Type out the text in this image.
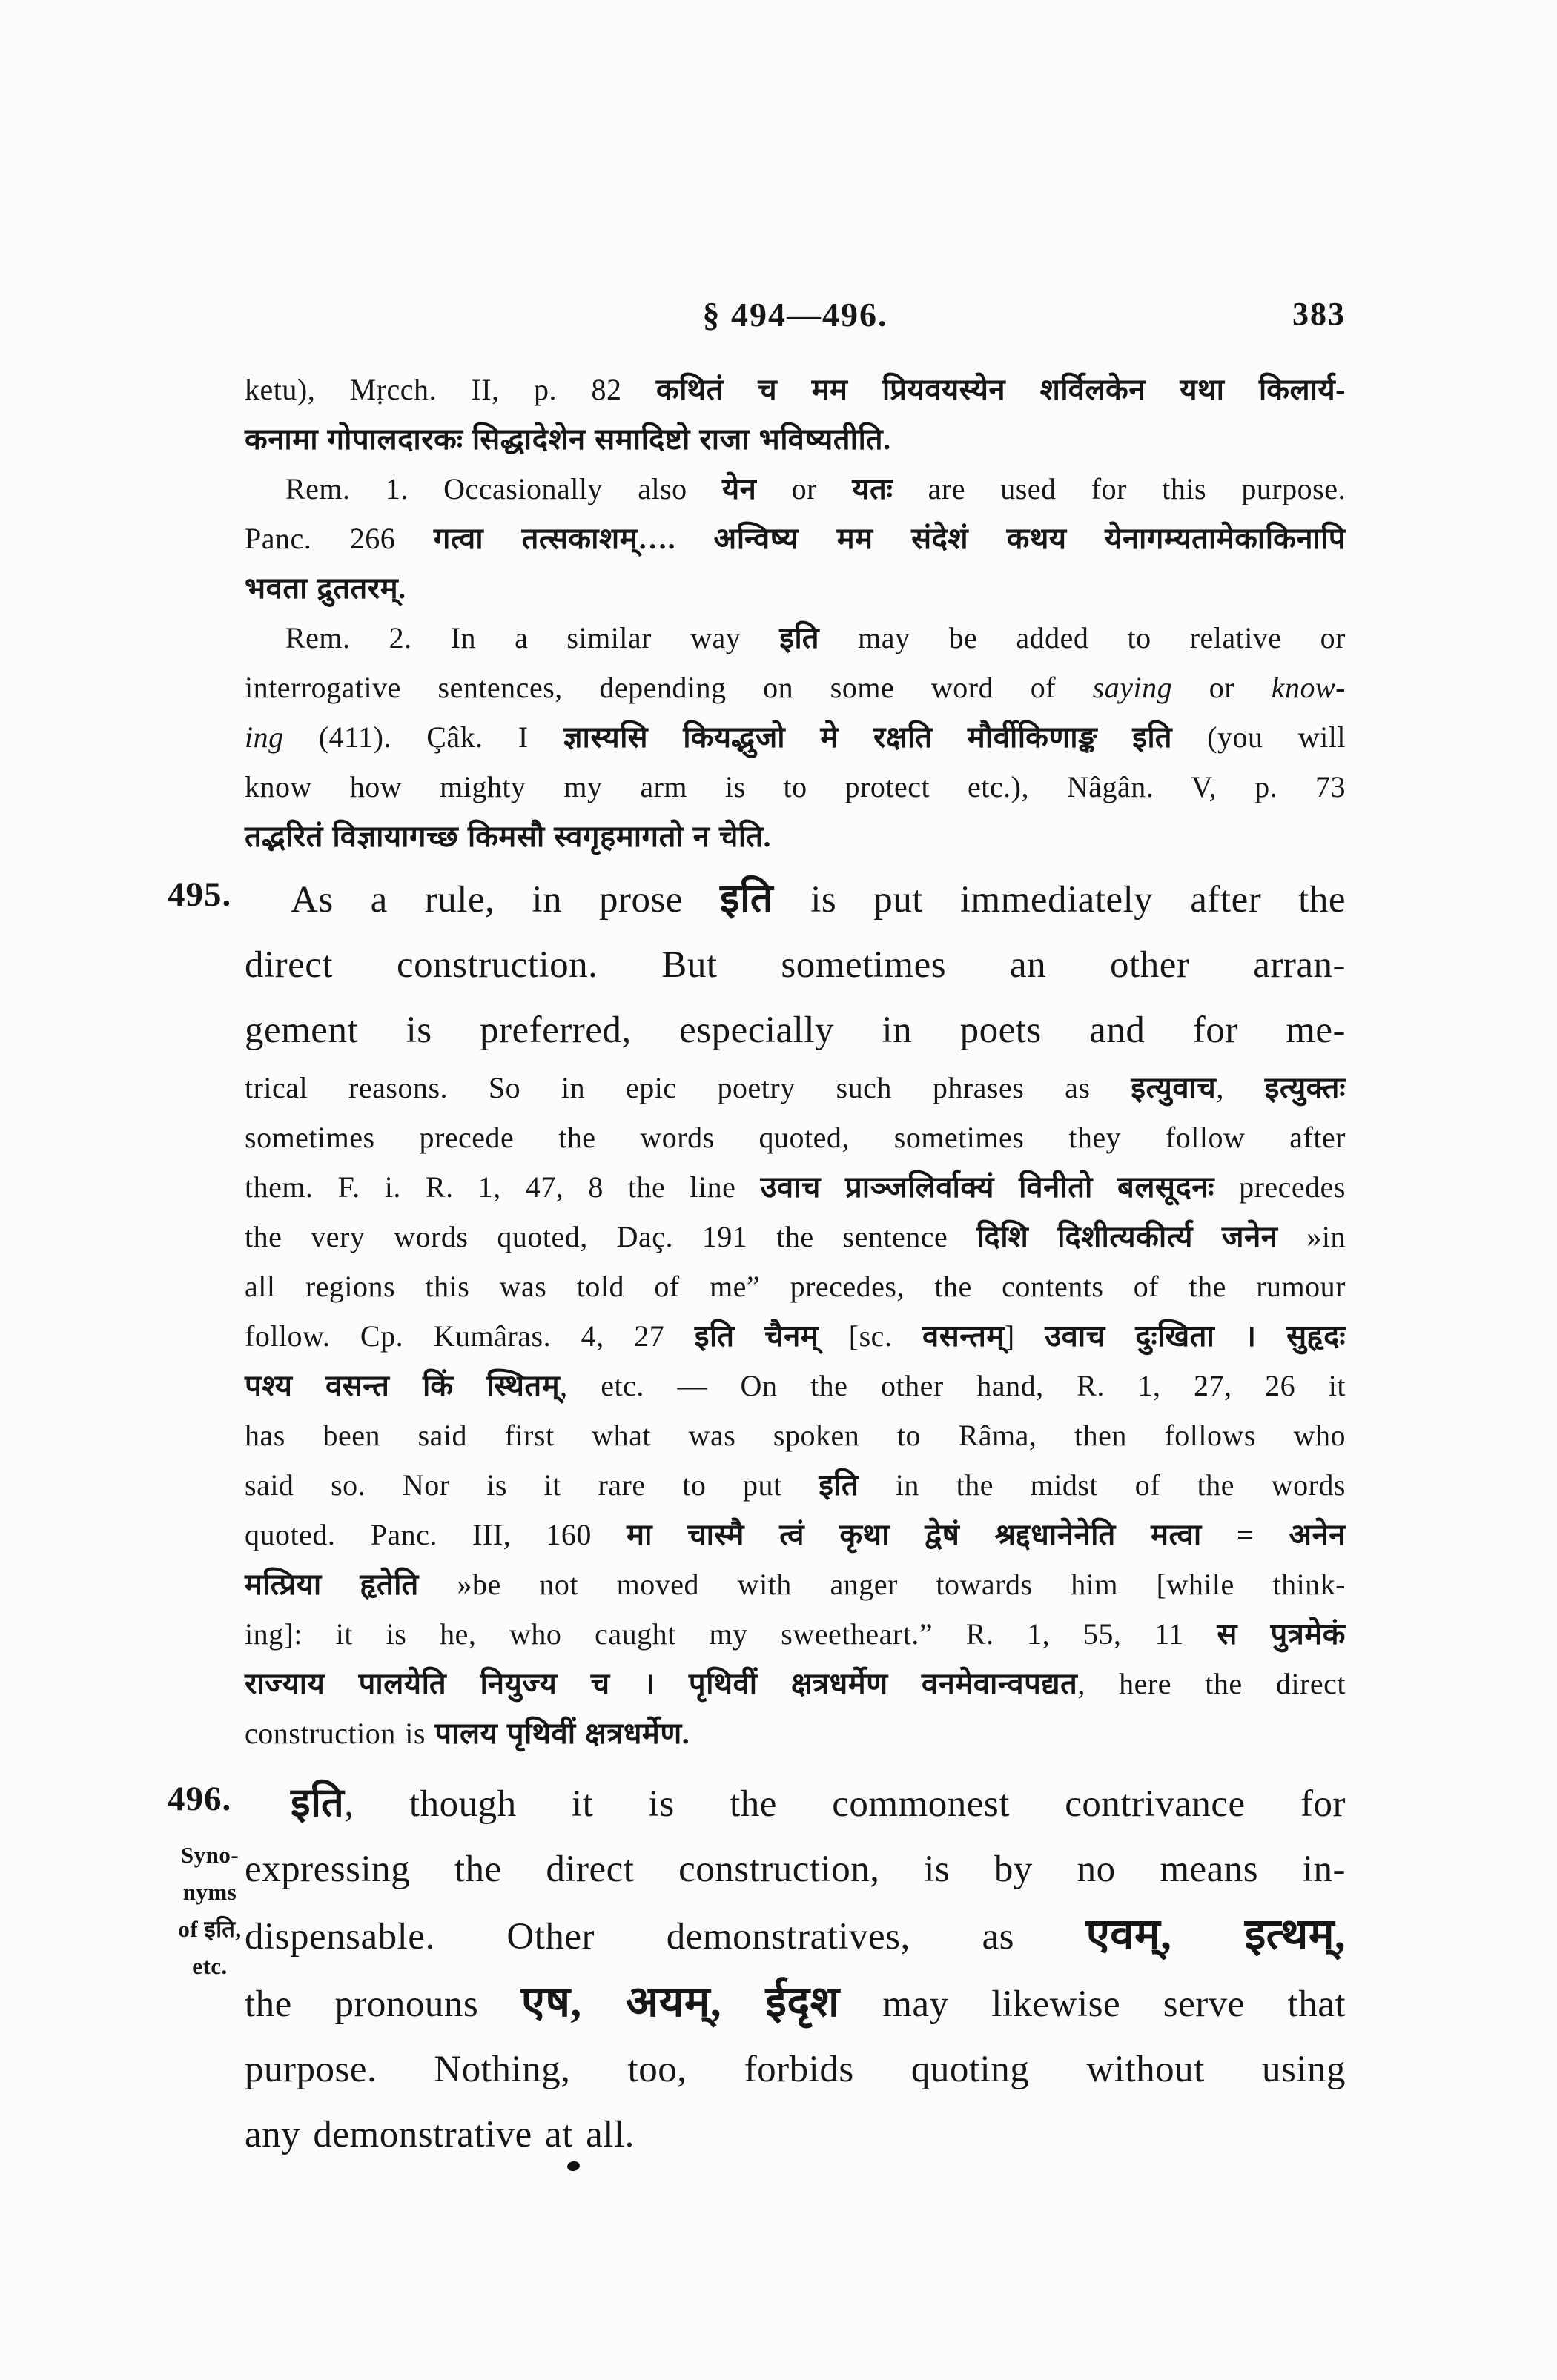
§ 494—496.	383
495.
496.
Syno-
nyms
of इति,
etc.
ketu), Mṛcch. II, p. 82 कथितं च मम प्रियवयस्येन शर्विलकेन यथा किलार्य-
कनामा गोपालदारकः सिद्धादेशेन समादिष्टो राजा भविष्यतीति.
Rem. 1. Occasionally also येन or यतः are used for this purpose.
Panc. 266 गत्वा तत्सकाशम्…. अन्विष्य मम संदेशं कथय येनागम्यतामेकाकिनापि
भवता द्रुततरम्.
Rem. 2. In a similar way इति may be added to relative or
interrogative sentences, depending on some word of saying or know-
ing (411). Çâk. I ज्ञास्यसि कियद्भुजो मे रक्षति मौर्वीकिणाङ्क इति (you will
know how mighty my arm is to protect etc.), Nâgân. V, p. 73
तद्भरितं विज्ञायागच्छ किमसौ स्वगृहमागतो न चेति.
As a rule, in prose इति is put immediately after the
direct construction. But sometimes an other arran-
gement is preferred, especially in poets and for me-
trical reasons. So in epic poetry such phrases as इत्युवाच, इत्युक्तः
sometimes precede the words quoted, sometimes they follow after
them. F. i. R. 1, 47, 8 the line उवाच प्राञ्जलिर्वाक्यं विनीतो बलसूदनः precedes
the very words quoted, Daç. 191 the sentence दिशि दिशीत्यकीर्त्य जनेन »in
all regions this was told of me” precedes, the contents of the rumour
follow. Cp. Kumâras. 4, 27 इति चैनम् [sc. वसन्तम्] उवाच दुःखिता । सुहृदः
पश्य वसन्त किं स्थितम्, etc. — On the other hand, R. 1, 27, 26 it
has been said first what was spoken to Râma, then follows who
said so. Nor is it rare to put इति in the midst of the words
quoted. Panc. III, 160 मा चास्मै त्वं कृथा द्वेषं श्रद्दधानेनेति मत्वा = अनेन
मत्प्रिया हृतेति »be not moved with anger towards him [while think-
ing]: it is he, who caught my sweetheart.” R. 1, 55, 11 स पुत्रमेकं
राज्याय पालयेति नियुज्य च । पृथिवीं क्षत्रधर्मेण वनमेवान्वपद्यत, here the direct
construction is पालय पृथिवीं क्षत्रधर्मेण.
इति, though it is the commonest contrivance for
expressing the direct construction, is by no means in-
dispensable. Other demonstratives, as एवम्, इत्थम्,
the pronouns एष, अयम्, ईदृश may likewise serve that
purpose. Nothing, too, forbids quoting without using
any demonstrative at all.
